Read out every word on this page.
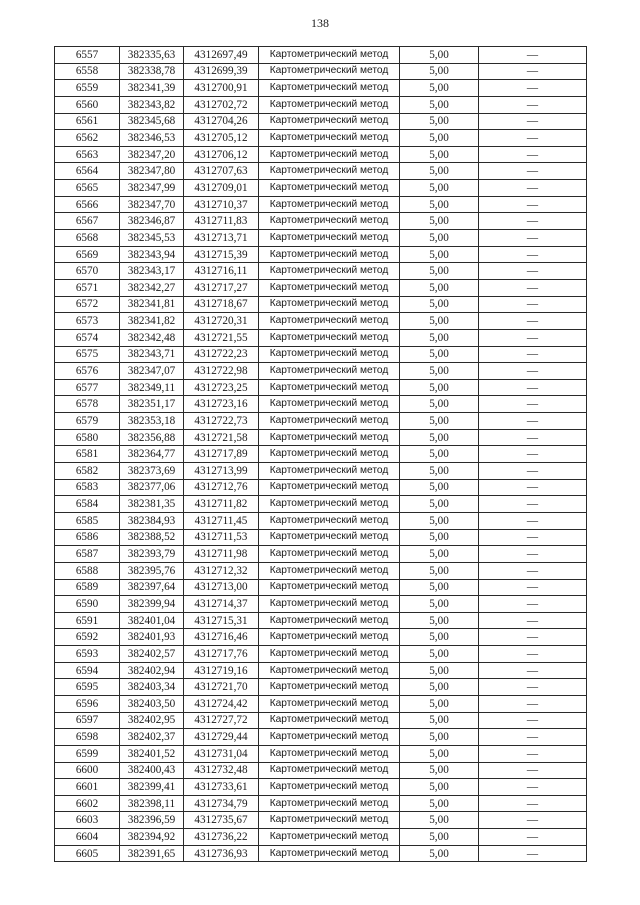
138
6557	382335,63	4312697,49	Картометрический метод	5,00	—
6558	382338,78	4312699,39	Картометрический метод	5,00	—
6559	382341,39	4312700,91	Картометрический метод	5,00	—
6560	382343,82	4312702,72	Картометрический метод	5,00	—
6561	382345,68	4312704,26	Картометрический метод	5,00	—
6562	382346,53	4312705,12	Картометрический метод	5,00	—
6563	382347,20	4312706,12	Картометрический метод	5,00	—
6564	382347,80	4312707,63	Картометрический метод	5,00	—
6565	382347,99	4312709,01	Картометрический метод	5,00	—
6566	382347,70	4312710,37	Картометрический метод	5,00	—
6567	382346,87	4312711,83	Картометрический метод	5,00	—
6568	382345,53	4312713,71	Картометрический метод	5,00	—
6569	382343,94	4312715,39	Картометрический метод	5,00	—
6570	382343,17	4312716,11	Картометрический метод	5,00	—
6571	382342,27	4312717,27	Картометрический метод	5,00	—
6572	382341,81	4312718,67	Картометрический метод	5,00	—
6573	382341,82	4312720,31	Картометрический метод	5,00	—
6574	382342,48	4312721,55	Картометрический метод	5,00	—
6575	382343,71	4312722,23	Картометрический метод	5,00	—
6576	382347,07	4312722,98	Картометрический метод	5,00	—
6577	382349,11	4312723,25	Картометрический метод	5,00	—
6578	382351,17	4312723,16	Картометрический метод	5,00	—
6579	382353,18	4312722,73	Картометрический метод	5,00	—
6580	382356,88	4312721,58	Картометрический метод	5,00	—
6581	382364,77	4312717,89	Картометрический метод	5,00	—
6582	382373,69	4312713,99	Картометрический метод	5,00	—
6583	382377,06	4312712,76	Картометрический метод	5,00	—
6584	382381,35	4312711,82	Картометрический метод	5,00	—
6585	382384,93	4312711,45	Картометрический метод	5,00	—
6586	382388,52	4312711,53	Картометрический метод	5,00	—
6587	382393,79	4312711,98	Картометрический метод	5,00	—
6588	382395,76	4312712,32	Картометрический метод	5,00	—
6589	382397,64	4312713,00	Картометрический метод	5,00	—
6590	382399,94	4312714,37	Картометрический метод	5,00	—
6591	382401,04	4312715,31	Картометрический метод	5,00	—
6592	382401,93	4312716,46	Картометрический метод	5,00	—
6593	382402,57	4312717,76	Картометрический метод	5,00	—
6594	382402,94	4312719,16	Картометрический метод	5,00	—
6595	382403,34	4312721,70	Картометрический метод	5,00	—
6596	382403,50	4312724,42	Картометрический метод	5,00	—
6597	382402,95	4312727,72	Картометрический метод	5,00	—
6598	382402,37	4312729,44	Картометрический метод	5,00	—
6599	382401,52	4312731,04	Картометрический метод	5,00	—
6600	382400,43	4312732,48	Картометрический метод	5,00	—
6601	382399,41	4312733,61	Картометрический метод	5,00	—
6602	382398,11	4312734,79	Картометрический метод	5,00	—
6603	382396,59	4312735,67	Картометрический метод	5,00	—
6604	382394,92	4312736,22	Картометрический метод	5,00	—
6605	382391,65	4312736,93	Картометрический метод	5,00	—
